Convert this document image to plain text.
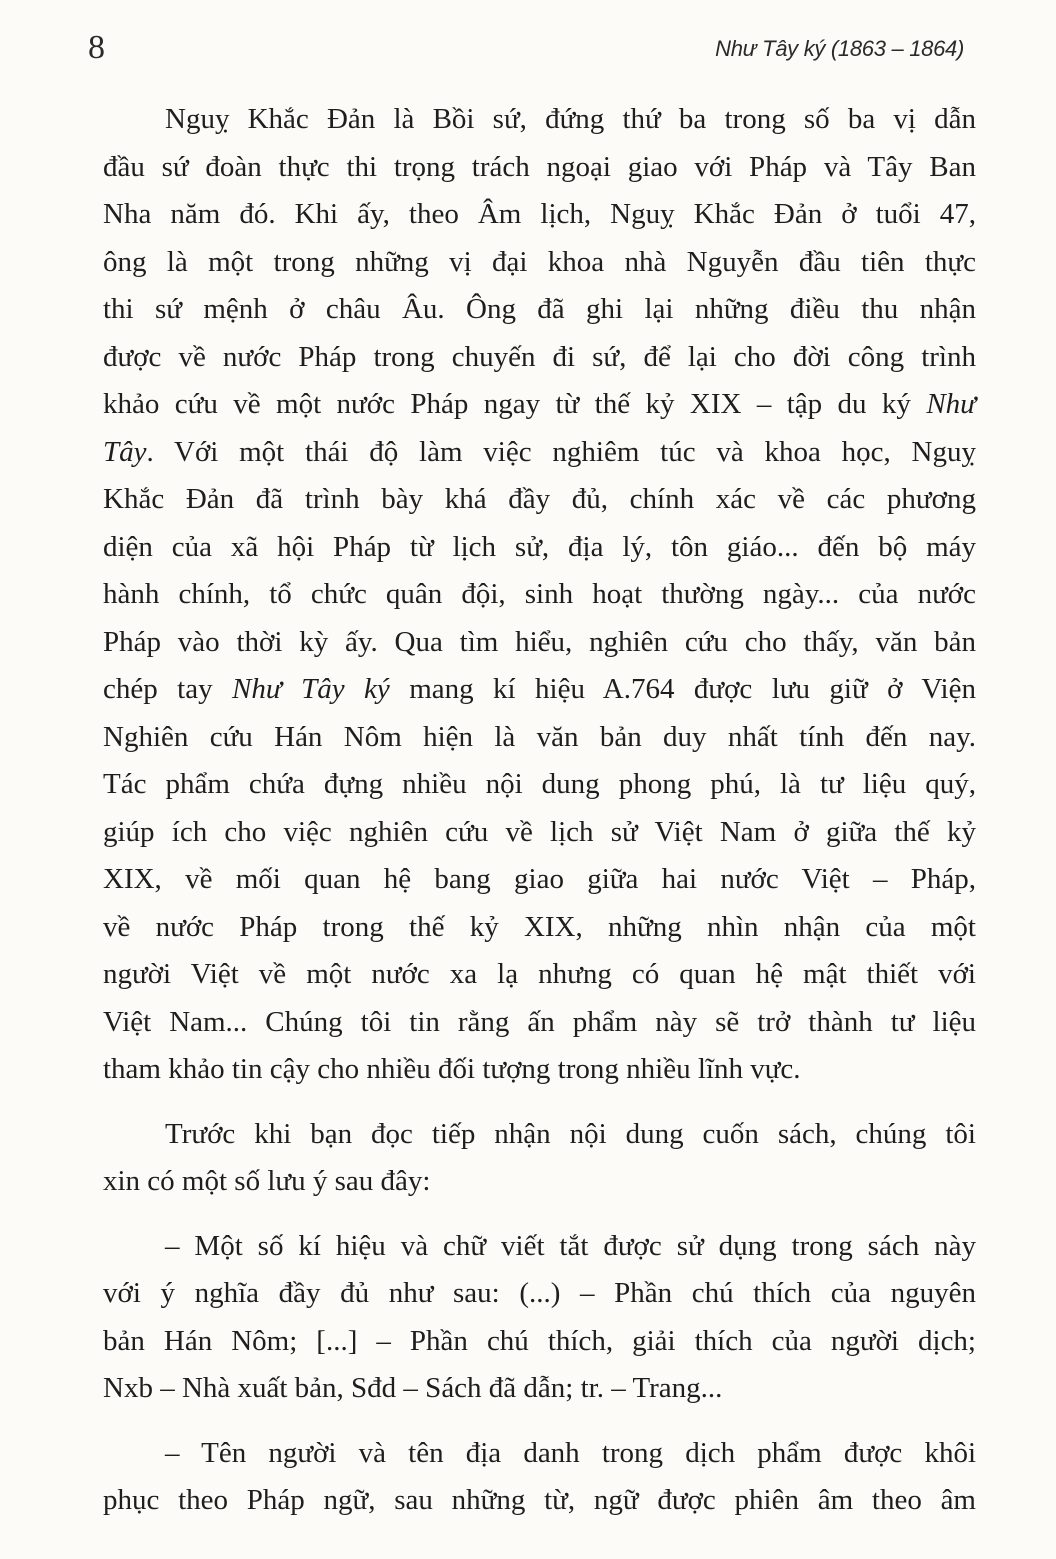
8	Như Tây ký (1863 – 1864)
Nguỵ Khắc Đản là Bồi sứ, đứng thứ ba trong số ba vị dẫn
đầu sứ đoàn thực thi trọng trách ngoại giao với Pháp và Tây Ban
Nha năm đó. Khi ấy, theo Âm lịch, Nguỵ Khắc Đản ở tuổi 47,
ông là một trong những vị đại khoa nhà Nguyễn đầu tiên thực
thi sứ mệnh ở châu Âu. Ông đã ghi lại những điều thu nhận
được về nước Pháp trong chuyến đi sứ, để lại cho đời công trình
khảo cứu về một nước Pháp ngay từ thế kỷ XIX – tập du ký Như
Tây. Với một thái độ làm việc nghiêm túc và khoa học, Nguỵ
Khắc Đản đã trình bày khá đầy đủ, chính xác về các phương
diện của xã hội Pháp từ lịch sử, địa lý, tôn giáo... đến bộ máy
hành chính, tổ chức quân đội, sinh hoạt thường ngày... của nước
Pháp vào thời kỳ ấy. Qua tìm hiểu, nghiên cứu cho thấy, văn bản
chép tay Như Tây ký mang kí hiệu A.764 được lưu giữ ở Viện
Nghiên cứu Hán Nôm hiện là văn bản duy nhất tính đến nay.
Tác phẩm chứa đựng nhiều nội dung phong phú, là tư liệu quý,
giúp ích cho việc nghiên cứu về lịch sử Việt Nam ở giữa thế kỷ
XIX, về mối quan hệ bang giao giữa hai nước Việt – Pháp,
về nước Pháp trong thế kỷ XIX, những nhìn nhận của một
người Việt về một nước xa lạ nhưng có quan hệ mật thiết với
Việt Nam... Chúng tôi tin rằng ấn phẩm này sẽ trở thành tư liệu
tham khảo tin cậy cho nhiều đối tượng trong nhiều lĩnh vực.
Trước khi bạn đọc tiếp nhận nội dung cuốn sách, chúng tôi
xin có một số lưu ý sau đây:
– Một số kí hiệu và chữ viết tắt được sử dụng trong sách này
với ý nghĩa đầy đủ như sau: (...) – Phần chú thích của nguyên
bản Hán Nôm; [...] – Phần chú thích, giải thích của người dịch;
Nxb – Nhà xuất bản, Sđd – Sách đã dẫn; tr. – Trang...
– Tên người và tên địa danh trong dịch phẩm được khôi
phục theo Pháp ngữ, sau những từ, ngữ được phiên âm theo âm
